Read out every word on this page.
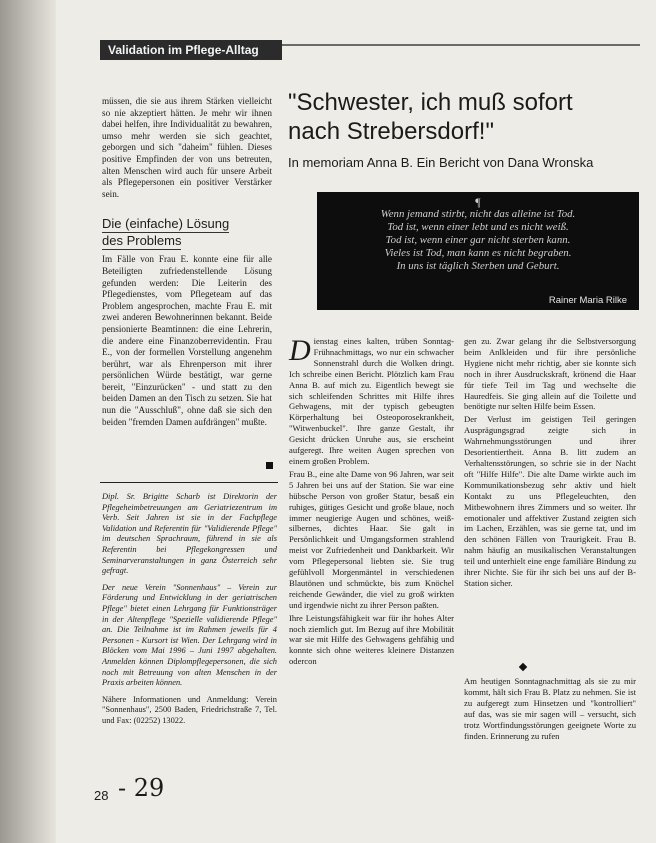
Validation im Pflege-Alltag

müssen, die sie aus ihrem Stärken vielleicht so nie akzeptiert hätten. Je mehr wir ihnen dabei helfen, ihre Individualität zu bewahren, umso mehr werden sie sich geachtet, geborgen und sich "daheim" fühlen. Dieses positive Empfinden der von uns betreuten, alten Menschen wird auch für unsere Arbeit als Pflegepersonen ein positiver Verstärker sein.

Die (einfache) Lösung
des Problems

Im Fälle von Frau E. konnte eine für alle Beteiligten zufriedenstellende Lösung gefunden werden: Die Leiterin des Pflegedienstes, vom Pflegeteam auf das Problem angesprochen, machte Frau E. mit zwei anderen Bewohnerinnen bekannt. Beide pensionierte Beamtinnen: die eine Lehrerin, die andere eine Finanzoberrevidentin. Frau E., von der formellen Vorstellung angenehm berührt, war als Ehrenperson mit ihrer persönlichen Würde bestätigt, war gerne bereit, "Einzurücken" - und statt zu den beiden Damen an den Tisch zu setzen. Sie hat nun die "Ausschluß", ohne daß sie sich den beiden "fremden Damen aufdrängen" mußte.

Dipl. Sr. Brigitte Scharb ist Direktorin der Pflegeheimbetreuungen am Geriatriezentrum im Verb. Seit Jahren ist sie in der Fachpflege Validation und Referentin für "Validierende Pflege" im deutschen Sprachraum, führend in sie als Referentin bei Pflegekongressen und Seminarveranstaltungen in ganz Österreich sehr gefragt.

Der neue Verein "Sonnenhaus" – Verein zur Förderung und Entwicklung in der geriatrischen Pflege" bietet einen Lehrgang für Funktionsträger in der Altenpflege "Spezielle validierende Pflege" an. Die Teilnahme ist im Rahmen jeweils für 4 Personen - Kursort ist Wien. Der Lehrgang wird in Blöcken vom Mai 1996 – Juni 1997 abgehalten. Anmelden können Diplompflegepersonen, die sich noch mit Betreuung von alten Menschen in der Praxis arbeiten können.

Nähere Informationen und Anmeldung: Verein "Sonnenhaus", 2500 Baden, Friedrichstraße 7, Tel. und Fax: (02252) 13022.

"Schwester, ich muß sofort
nach Strebersdorf!"
In memoriam Anna B. Ein Bericht von Dana Wronska
¶
Wenn jemand stirbt, nicht das alleine ist Tod.
Tod ist, wenn einer lebt und es nicht weiß.
Tod ist, wenn einer gar nicht sterben kann.
Vieles ist Tod, man kann es nicht begraben.
In uns ist täglich Sterben und Geburt.
Rainer Maria Rilke

Dienstag eines kalten, trüben Sonntag-Frühnachmittags, wo nur ein schwacher Sonnenstrahl durch die Wolken dringt. Ich schreibe einen Bericht. Plötzlich kam Frau Anna B. auf mich zu. Eigentlich bewegt sie sich schleifenden Schrittes mit Hilfe ihres Gehwagens, mit der typisch gebeugten Körperhaltung bei Osteoporosekrankheit, "Witwenbuckel". Ihre ganze Gestalt, ihr Gesicht drücken Unruhe aus, sie erscheint aufgeregt. Ihre weiten Augen sprechen von einem großen Problem.

Frau B., eine alte Dame von 96 Jahren, war seit 5 Jahren bei uns auf der Station. Sie war eine hübsche Person von großer Statur, besaß ein ruhiges, gütiges Gesicht und große blaue, noch immer neugierige Augen und schönes, weiß-silbernes, dichtes Haar. Sie galt in Persönlichkeit und Umgangsformen strahlend meist vor Zufriedenheit und Dankbarkeit. Wir vom Pflegepersonal liebten sie. Sie trug gefühlvoll Morgenmäntel in verschiedenen Blautönen und schmückte, bis zum Knöchel reichende Gewänder, die viel zu groß wirkten und irgendwie nicht zu ihrer Person paßten.

Ihre Leistungsfähigkeit war für ihr hohes Alter noch ziemlich gut. Im Bezug auf ihre Mobilität war sie mit Hilfe des Gehwagens gehfähig und konnte sich ohne weiteres kleinere Distanzen odercon

gen zu. Zwar gelang ihr die Selbstversorgung beim Anlkleiden und für ihre persönliche Hygiene nicht mehr richtig, aber sie konnte sich noch in ihrer Ausdruckskraft, krönend die Haar für tiefe Teil im Tag und wechselte die Hauredfeis. Sie ging allein auf die Toilette und benötigte nur selten Hilfe beim Essen.

Der Verlust im geistigen Teil geringen Ausprägungsgrad zeigte sich in Wahrnehmungsstörungen und ihrer Desorientiertheit. Anna B. litt zudem an Verhaltensstörungen, so schrie sie in der Nacht oft "Hilfe Hilfe". Die alte Dame wirkte auch im Kommunikationsbezug sehr aktiv und hielt Kontakt zu uns Pflegeleuchten, den Mitbewohnern ihres Zimmers und so weiter. Ihr emotionaler und affektiver Zustand zeigten sich im Lachen, Erzählen, was sie gerne tat, und im den schönen Fällen von Traurigkeit. Frau B. nahm häufig an musikalischen Veranstaltungen teil und unterhielt eine enge familiäre Bindung zu ihrer Nichte. Sie für ihr sich bei uns auf der B-Station sicher.

Am heutigen Sonntagnachmittag als sie zu mir kommt, hält sich Frau B. Platz zu nehmen. Sie ist zu aufgeregt zum Hinsetzen und "kontrolliert" auf das, was sie mir sagen will – versucht, sich trotz Wortfindungsstörungen geeignete Worte zu finden. Erinnerung zu rufen

28 - 29
